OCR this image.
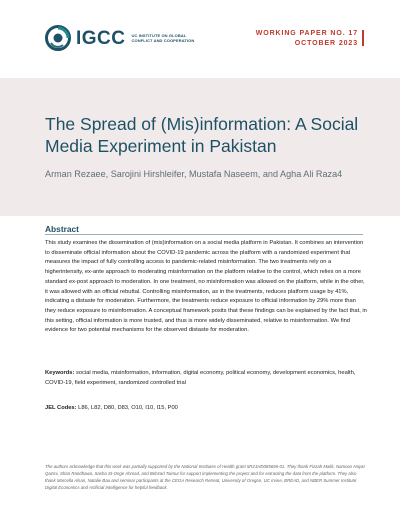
IGCC UC INSTITUTE ON GLOBAL CONFLICT AND COOPERATION
WORKING PAPER NO. 17
OCTOBER 2023
The Spread of (Mis)information: A Social Media Experiment in Pakistan
Arman Rezaee, Sarojini Hirshleifer, Mustafa Naseem, and Agha Ali Raza4
Abstract

This study examines the dissemination of (mis)information on a social media platform in Pakistan. It combines an intervention to disseminate official information about the COVID-19 pandemic across the platform with a randomized experiment that measures the impact of fully controlling access to pandemic-related misinformation. The two treatments rely on a higherintensity, ex-ante approach to moderating misinformation on the platform relative to the control, which relies on a more standard ex-post approach to moderation. In one treatment, no misinformation was allowed on the platform, while in the other, it was allowed with an official rebuttal. Controlling misinformation, as in the treatments, reduces platform usage by 41%, indicating a distaste for moderation. Furthermore, the treatments reduce exposure to official information by 29% more than they reduce exposure to misinformation. A conceptual framework posits that these findings can be explained by the fact that, in this setting, official information is more trusted, and thus is more widely disseminated, relative to misinformation. We find evidence for two potential mechanisms for the observed distaste for moderation.

Keywords: social media, misinformation, information, digital economy, political economy, development economics, health, COVID-19, field experiment, randomized controlled trial

JEL Codes: L86, L82, D80, D83, O10, I10, I15, P00

The authors acknowledge that this work was partially supported by the National Institutes of Health grant 5R21HD085696-01. They thank Fizzah Malik, Namoos Hayat Qazmi, Shan Randhawa, Sasha St-Onge Ahmad, and Behzad Taimur for support implementing the project and for extracting the data from the platform. They also thank Marcella Alsan, Natalie Bau and seminar participants at the CEGA Research Retreat, University of Oregon, UC Irvine, BREAD, and NBER Summer Institute: Digital Economics and Artificial Intelligence for helpful feedback.
